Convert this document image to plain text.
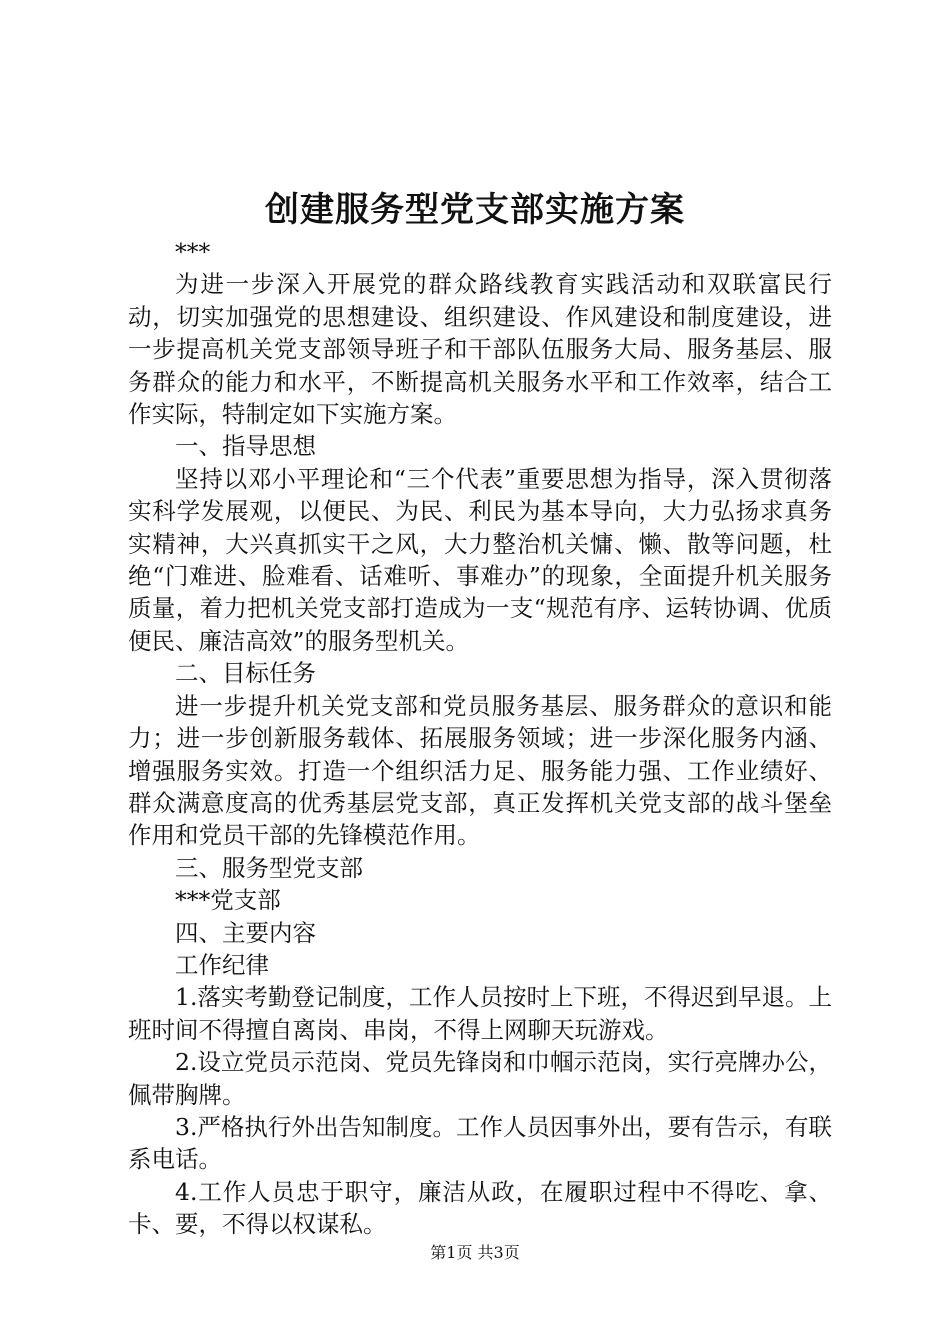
创建服务型党支部实施方案

***

为进一步深入开展党的群众路线教育实践活动和双联富民行动，切实加强党的思想建设、组织建设、作风建设和制度建设，进一步提高机关党支部领导班子和干部队伍服务大局、服务基层、服务群众的能力和水平，不断提高机关服务水平和工作效率，结合工作实际，特制定如下实施方案。

一、指导思想

坚持以邓小平理论和“三个代表”重要思想为指导，深入贯彻落实科学发展观，以便民、为民、利民为基本导向，大力弘扬求真务实精神，大兴真抓实干之风，大力整治机关慵、懒、散等问题，杜绝“门难进、脸难看、话难听、事难办”的现象，全面提升机关服务质量，着力把机关党支部打造成为一支“规范有序、运转协调、优质便民、廉洁高效”的服务型机关。

二、目标任务

进一步提升机关党支部和党员服务基层、服务群众的意识和能力；进一步创新服务载体、拓展服务领域；进一步深化服务内涵、增强服务实效。打造一个组织活力足、服务能力强、工作业绩好、群众满意度高的优秀基层党支部，真正发挥机关党支部的战斗堡垒作用和党员干部的先锋模范作用。

三、服务型党支部

***党支部

四、主要内容

工作纪律

1.落实考勤登记制度，工作人员按时上下班，不得迟到早退。上班时间不得擅自离岗、串岗，不得上网聊天玩游戏。

2.设立党员示范岗、党员先锋岗和巾帼示范岗，实行亮牌办公，佩带胸牌。

3.严格执行外出告知制度。工作人员因事外出，要有告示，有联系电话。

4.工作人员忠于职守，廉洁从政，在履职过程中不得吃、拿、卡、要，不得以权谋私。

第1页 共3页
